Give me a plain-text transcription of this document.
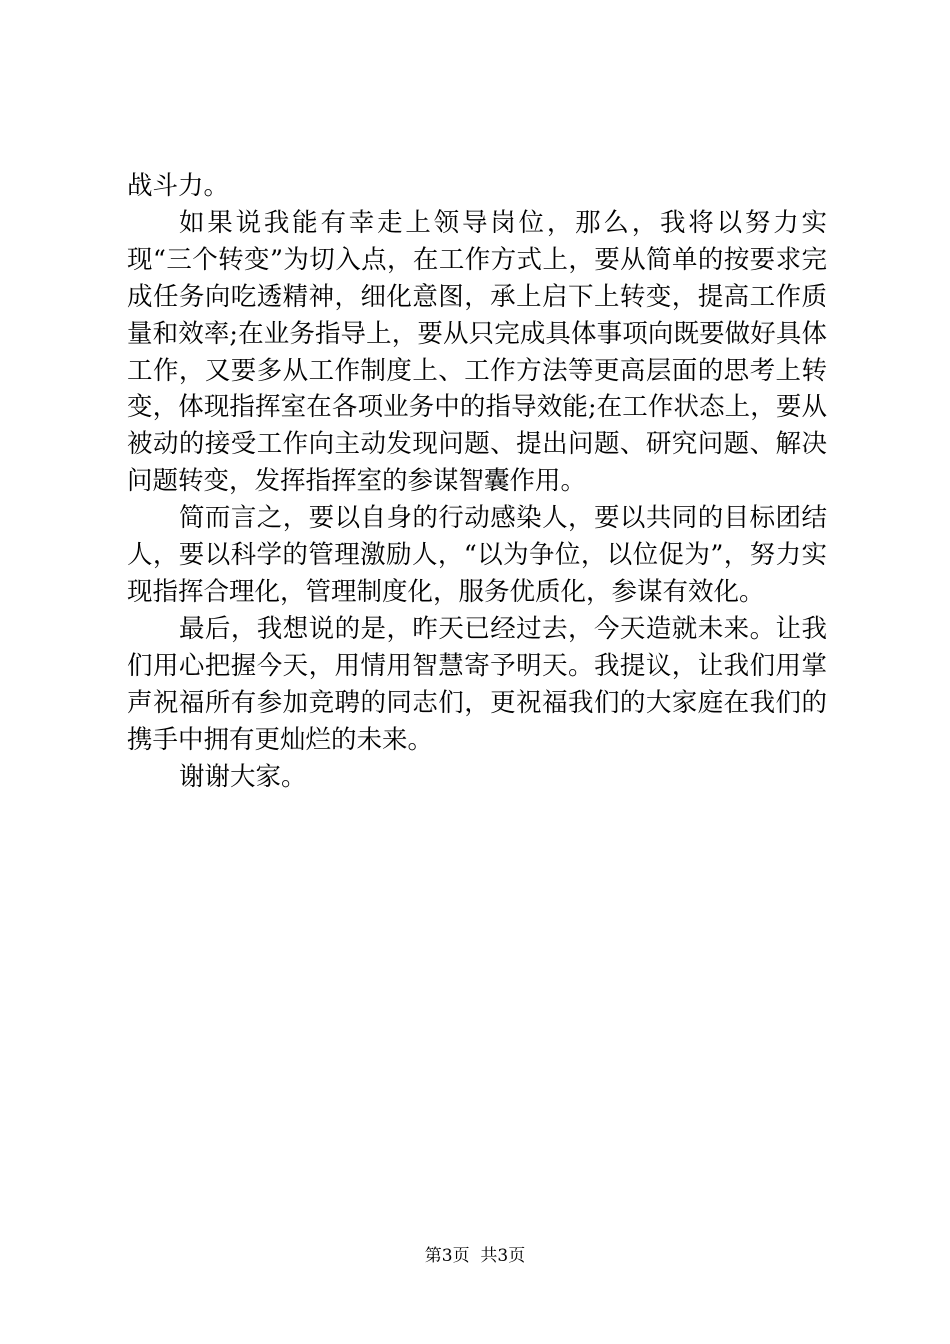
战斗力。

如果说我能有幸走上领导岗位，那么，我将以努力实现“三个转变”为切入点，在工作方式上，要从简单的按要求完成任务向吃透精神，细化意图，承上启下上转变，提高工作质量和效率;在业务指导上，要从只完成具体事项向既要做好具体工作，又要多从工作制度上、工作方法等更高层面的思考上转变，体现指挥室在各项业务中的指导效能;在工作状态上，要从被动的接受工作向主动发现问题、提出问题、研究问题、解决问题转变，发挥指挥室的参谋智囊作用。

简而言之，要以自身的行动感染人，要以共同的目标团结人，要以科学的管理激励人，“以为争位，以位促为”，努力实现指挥合理化，管理制度化，服务优质化，参谋有效化。

最后，我想说的是，昨天已经过去，今天造就未来。让我们用心把握今天，用情用智慧寄予明天。我提议，让我们用掌声祝福所有参加竞聘的同志们，更祝福我们的大家庭在我们的携手中拥有更灿烂的未来。

谢谢大家。

第3页  共3页
